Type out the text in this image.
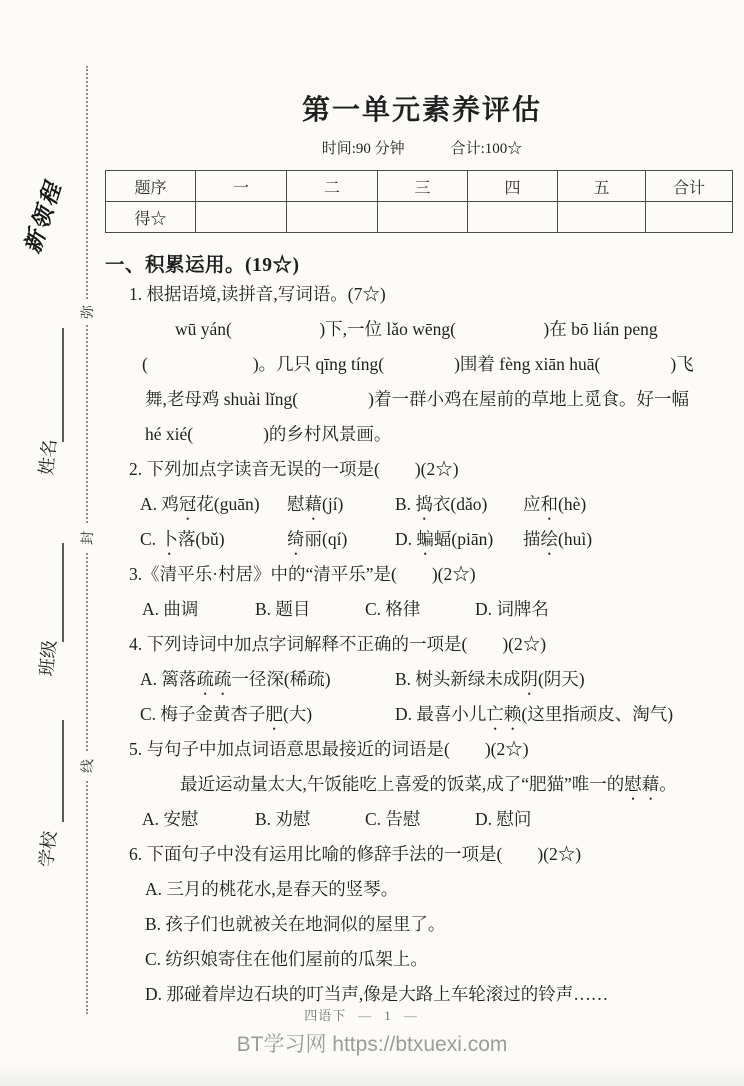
弥
封
线
新领程
姓名
班级
学校
第一单元素养评估
时间:90 分钟	合计:100☆
题序	一	二	三	四	五	合计
得☆						
一、积累运用。(19☆)
1. 根据语境,读拼音,写词语。(7☆)
wū yán(　　　　　)下,一位 lǎo wēng(　　　　　)在 bō lián peng
(　　　　　　)。几只 qīng tíng(　　　　)围着 fèng xiān huā(　　　　)飞
舞,老母鸡 shuài lǐng(　　　　)着一群小鸡在屋前的草地上觅食。好一幅
hé xié(　　　　)的乡村风景画。
2. 下列加点字读音无误的一项是(　　)(2☆)
A. 鸡冠花(guān) 慰藉(jí)	B. 捣衣(dǎo) 应和(hè)
C. 卜落(bǔ)	绮丽(qí)	D. 蝙蝠(piān) 描绘(huì)
3.《清平乐·村居》中的“清平乐”是(　　)(2☆)
A. 曲调	B. 题目	C. 格律	D. 词牌名
4. 下列诗词中加点字词解释不正确的一项是(　　)(2☆)
A. 篱落疏疏一径深(稀疏)	B. 树头新绿未成阴(阴天)
C. 梅子金黄杏子肥(大)	D. 最喜小儿亡赖(这里指顽皮、淘气)
5. 与句子中加点词语意思最接近的词语是(　　)(2☆)
最近运动量太大,午饭能吃上喜爱的饭菜,成了“肥猫”唯一的慰藉。
A. 安慰	B. 劝慰	C. 告慰	D. 慰问
6. 下面句子中没有运用比喻的修辞手法的一项是(　　)(2☆)
A. 三月的桃花水,是春天的竖琴。
B. 孩子们也就被关在地洞似的屋里了。
C. 纺织娘寄住在他们屋前的瓜架上。
D. 那碰着岸边石块的叮当声,像是大路上车轮滚过的铃声……
四语下 — 1 —
BT学习网 https://btxuexi.com
